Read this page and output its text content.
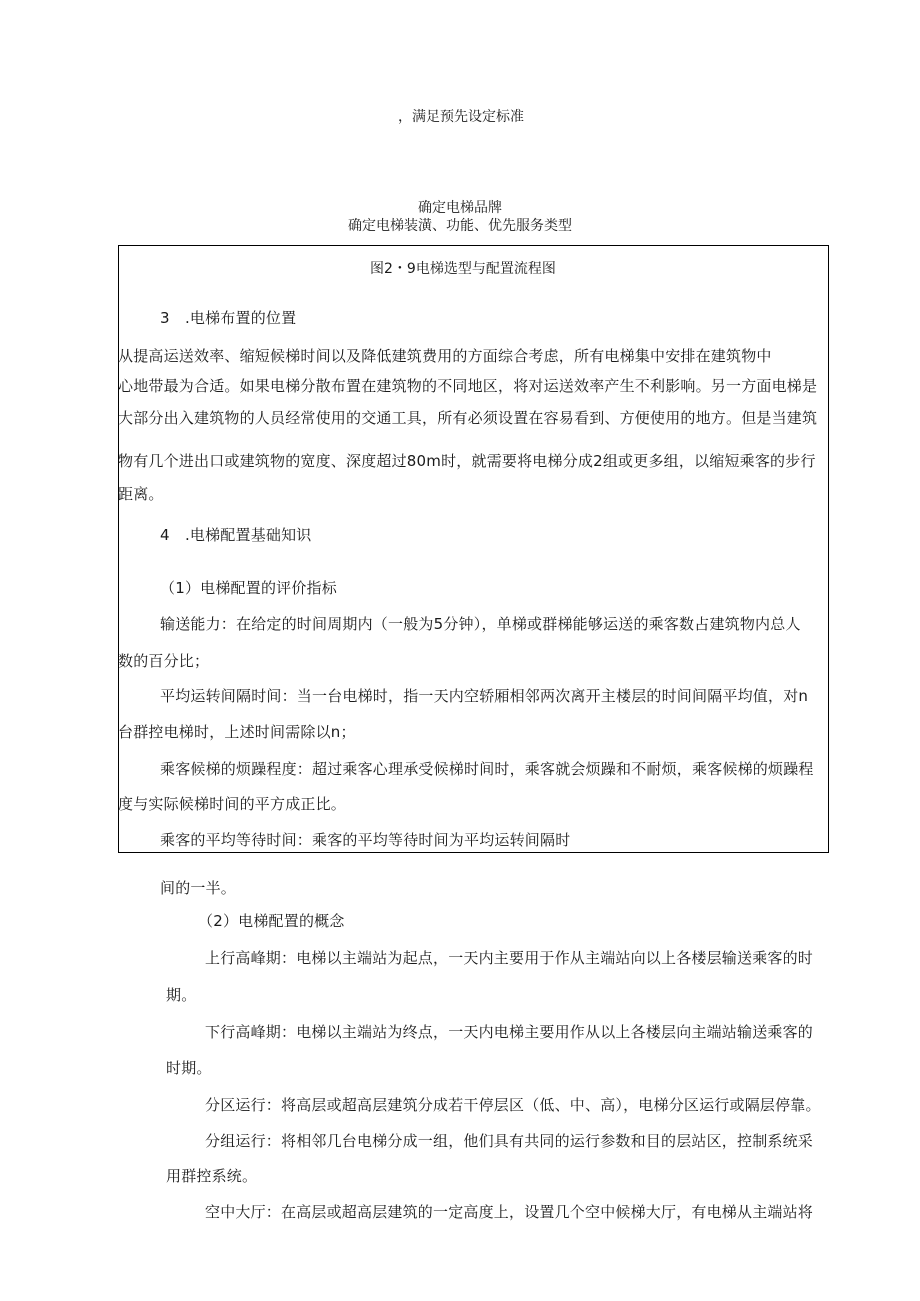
，满足预先设定标准
确定电梯品牌
确定电梯装潢、功能、优先服务类型
图2・9电梯选型与配置流程图
3　.电梯布置的位置
从提高运送效率、缩短候梯时间以及降低建筑费用的方面综合考虑，所有电梯集中安排在建筑物中
心地带最为合适。如果电梯分散布置在建筑物的不同地区，将对运送效率产生不利影响。另一方面电梯是
大部分出入建筑物的人员经常使用的交通工具，所有必须设置在容易看到、方便使用的地方。但是当建筑
物有几个进出口或建筑物的宽度、深度超过80m时，就需要将电梯分成2组或更多组，以缩短乘客的步行
距离。
4　.电梯配置基础知识
（1）电梯配置的评价指标
输送能力：在给定的时间周期内（一般为5分钟），单梯或群梯能够运送的乘客数占建筑物内总人
数的百分比；
平均运转间隔时间：当一台电梯时，指一天内空轿厢相邻两次离开主楼层的时间间隔平均值，对n
台群控电梯时，上述时间需除以n；
乘客候梯的烦躁程度：超过乘客心理承受候梯时间时，乘客就会烦躁和不耐烦，乘客候梯的烦躁程
度与实际候梯时间的平方成正比。
乘客的平均等待时间：乘客的平均等待时间为平均运转间隔时
间的一半。
（2）电梯配置的概念
上行高峰期：电梯以主端站为起点，一天内主要用于作从主端站向以上各楼层输送乘客的时
期。
下行高峰期：电梯以主端站为终点，一天内电梯主要用作从以上各楼层向主端站输送乘客的
时期。
分区运行：将高层或超高层建筑分成若干停层区（低、中、高），电梯分区运行或隔层停靠。
分组运行：将相邻几台电梯分成一组，他们具有共同的运行参数和目的层站区，控制系统采
用群控系统。
空中大厅：在高层或超高层建筑的一定高度上，设置几个空中候梯大厅，有电梯从主端站将
